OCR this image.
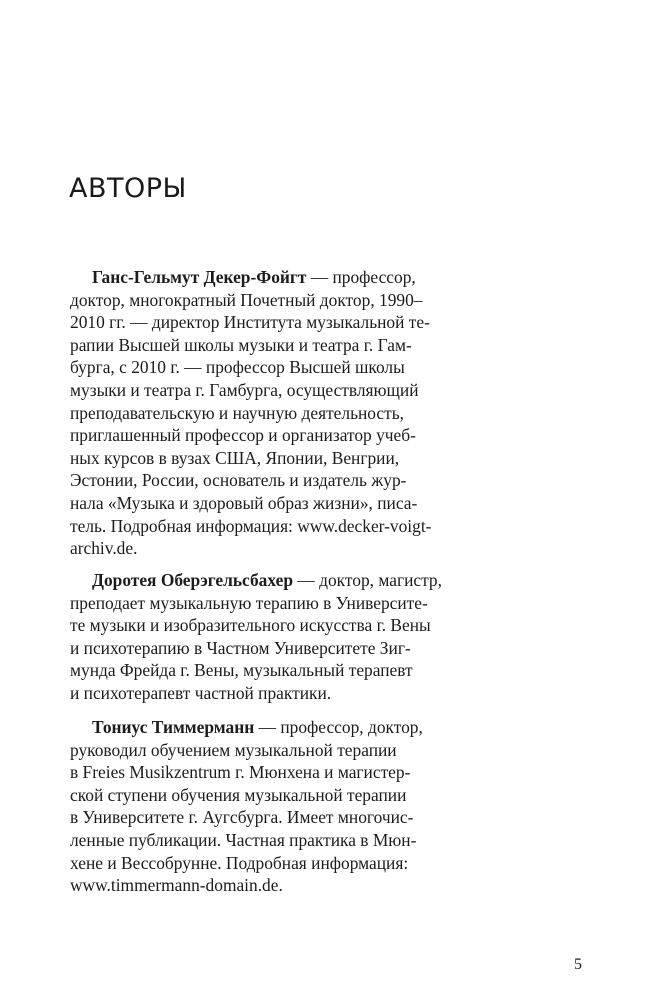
АВТОРЫ
Ганс-Гельмут Декер-Фойгт — профессор,
доктор, многократный Почетный доктор, 1990–
2010 гг. — директор Института музыкальной те-
рапии Высшей школы музыки и театра г. Гам-
бурга, с 2010 г. — профессор Высшей школы
музыки и театра г. Гамбурга, осуществляющий
преподавательскую и научную деятельность,
приглашенный профессор и организатор учеб-
ных курсов в вузах США, Японии, Венгрии,
Эстонии, России, основатель и издатель жур-
нала «Музыка и здоровый образ жизни», писа-
тель. Подробная информация: www.decker-voigt-
archiv.de.
Доротея Оберэгельсбахер — доктор, магистр,
преподает музыкальную терапию в Университе-
те музыки и изобразительного искусства г. Вены
и психотерапию в Частном Университете Зиг-
мунда Фрейда г. Вены, музыкальный терапевт
и психотерапевт частной практики.
Тониус Тиммерманн — профессор, доктор,
руководил обучением музыкальной терапии
в Freies Musikzentrum г. Мюнхена и магистер-
ской ступени обучения музыкальной терапии
в Университете г. Аугсбурга. Имеет многочис-
ленные публикации. Частная практика в Мюн-
хене и Вессобрунне. Подробная информация:
www.timmermann-domain.de.
5
